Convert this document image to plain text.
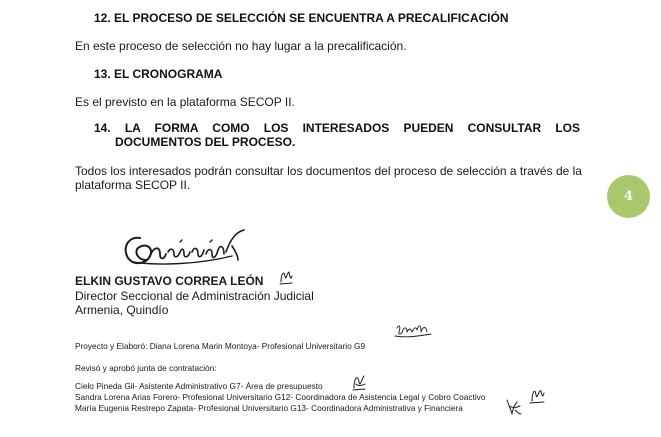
12. EL PROCESO DE SELECCIÓN SE ENCUENTRA A PRECALIFICACIÓN
En este proceso de selección no hay lugar a la precalificación.
13. EL CRONOGRAMA
Es el previsto en la plataforma SECOP II.
14. LA FORMA COMO LOS INTERESADOS PUEDEN CONSULTAR LOS
DOCUMENTOS DEL PROCESO.
Todos los interesados podrán consultar los documentos del proceso de selección a través de la
plataforma SECOP II.
4
ELKIN GUSTAVO CORREA LEÓN
Director Seccional de Administración Judicial
Armenia, Quindío
Proyecto y Elaboró: Diana Lorena Marin Montoya- Profesional Universitario G9
Revisó y aprobó junta de contratación:
Cielo Pineda Gil- Asistente Administrativo G7- Área de presupuesto
Sandra Lorena Arias Forero- Profesional Universitario G12- Coordinadora de Asistencia Legal y Cobro Coactivo
María Eugenia Restrepo Zapata- Profesional Universitario G13- Coordinadora Administrativa y Financiera
